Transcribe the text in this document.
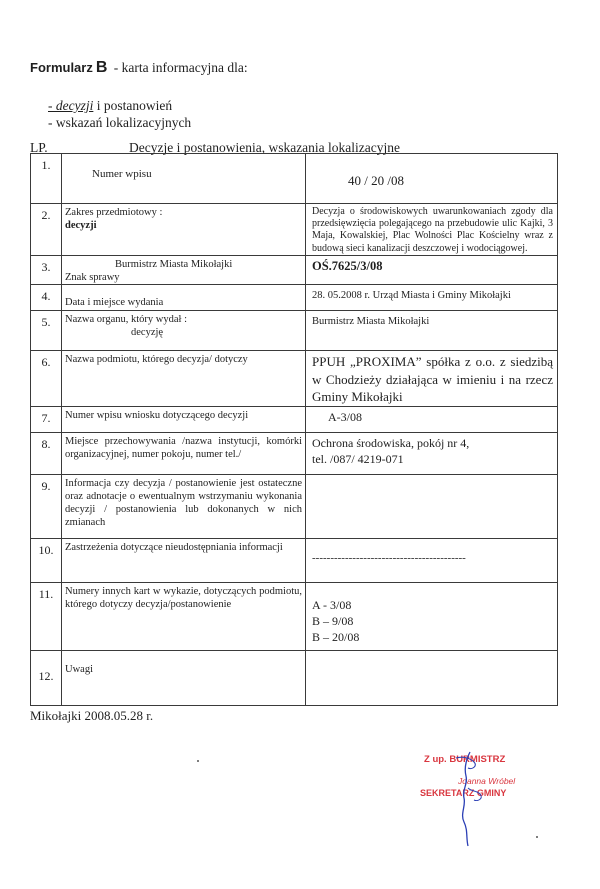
Formularz B - karta informacyjna dla:
- decyzji i postanowień
- wskazań lokalizacyjnych
LP.	Decyzje i postanowienia, wskazania lokalizacyjne
1.	Numer wpisu	40 / 20 /08
2.	Zakres przedmiotowy :
decyzji	Decyzja o środowiskowych uwarunkowaniach zgody dla przedsięwzięcia polegającego na przebudowie ulic Kajki, 3 Maja, Kowalskiej, Plac Wolności Plac Kościelny wraz z budową sieci kanalizacji deszczowej i wodociągowej.

3.	Burmistrz Miasta Mikołajki
Znak sprawy	OŚ.7625/3/08
4.	Data i miejsce wydania	28. 05.2008 r. Urząd Miasta i Gminy Mikołajki
5.	Nazwa organu, który wydał :
decyzję	Burmistrz Miasta Mikołajki
6.	Nazwa podmiotu, którego decyzja/ dotyczy	PPUH „PROXIMA” spółka z o.o. z siedzibą w Chodzieży działająca w imieniu i na rzecz Gminy Mikołajki

7.	Numer wpisu wniosku dotyczącego decyzji	A-3/08
8.	Miejsce przechowywania /nazwa instytucji, komórki organizacyjnej, numer pokoju, numer tel./	Ochrona środowiska, pokój nr 4,
tel. /087/ 4219-071

9.	Informacja czy decyzja / postanowienie jest ostateczne oraz adnotacje o ewentualnym wstrzymaniu wykonania decyzji / postanowienia lub dokonanych w nich zmianach	
10.	Zastrzeżenia dotyczące nieudostępniania informacji	------------------------------------------

11.	Numery innych kart w wykazie, dotyczących podmiotu, którego dotyczy decyzja/postanowienie	A - 3/08
B – 9/08
B – 20/08

12.	Uwagi	
Mikołajki 2008.05.28 r.
Z up. BURMISTRZ
Joanna Wróbel
SEKRETARZ GMINY
